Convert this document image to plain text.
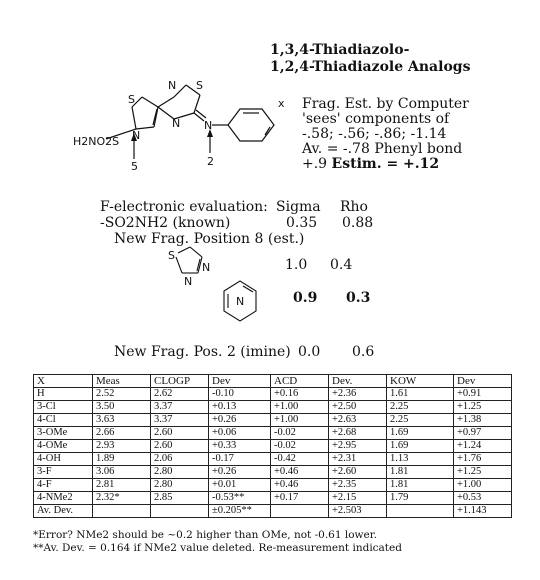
1,3,4-Thiadiazolo-
1,2,4-Thiadiazole Analogs
S
S
N
N
N
N
x
H2NO2S
5	2
Frag. Est. by Computer
'sees' components of
-.58; -.56; -.86; -1.14
Av. = -.78 Phenyl bond
+.9 Estim. = +.12
F-electronic evaluation: Sigma Rho
-SO2NH2 (known)	0.35 0.88
New Frag. Position 8 (est.)
S
N
N
1.0 0.4
N	0.9 0.3
New Frag. Pos. 2 (imine) 0.0 0.6
X	Meas	CLOGP	Dev	ACD	Dev.	KOW	Dev
H	2.52	2.62	-0.10	+0.16	+2.36	1.61	+0.91
3-Cl	3.50	3.37	+0.13	+1.00	+2.50	2.25	+1.25
4-Cl	3.63	3.37	+0.26	+1.00	+2.63	2.25	+1.38
3-OMe	2.66	2.60	+0.06	-0.02	+2.68	1.69	+0.97
4-OMe	2.93	2.60	+0.33	-0.02	+2.95	1.69	+1.24
4-OH	1.89	2.06	-0.17	-0.42	+2.31	1.13	+1.76
3-F	3.06	2.80	+0.26	+0.46	+2.60	1.81	+1.25
4-F	2.81	2.80	+0.01	+0.46	+2.35	1.81	+1.00
4-NMe2	2.32*	2.85	-0.53**	+0.17	+2.15	1.79	+0.53
Av. Dev.			±0.205**		+2.503		+1.143
*Error? NMe2 should be ~0.2 higher than OMe, not -0.61 lower.
**Av. Dev. = 0.164 if NMe2 value deleted. Re-measurement indicated
